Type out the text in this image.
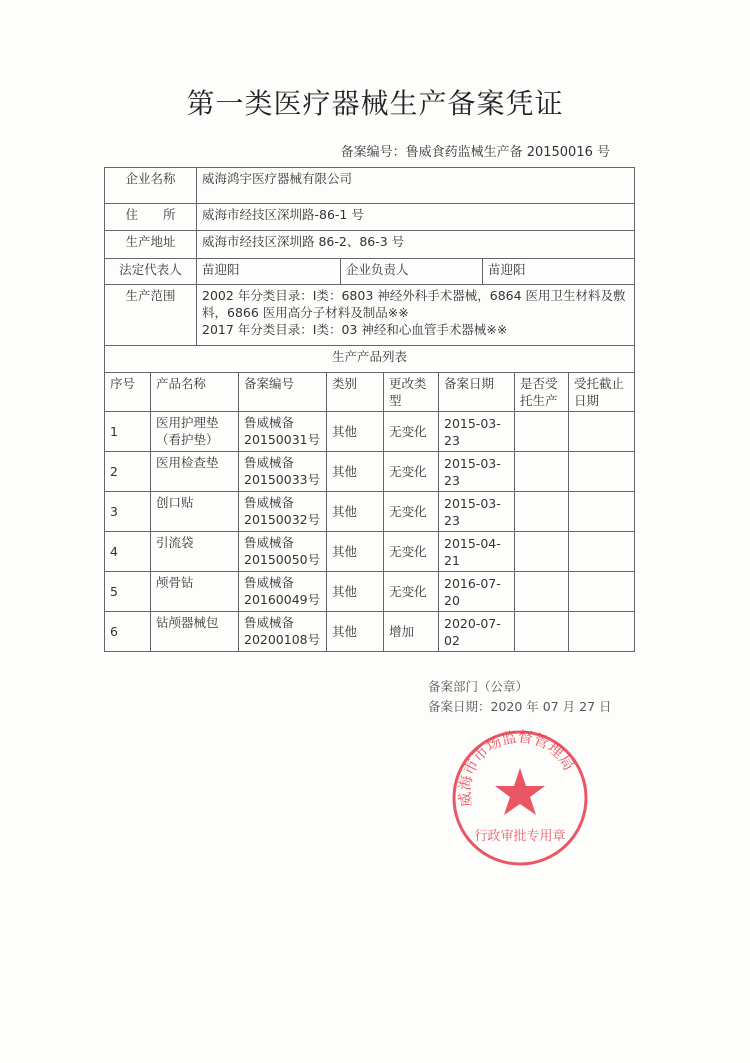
第一类医疗器械生产备案凭证
备案编号：鲁威食药监械生产备 20150016 号
企业名称	威海鸿宇医疗器械有限公司		
住　　所	威海市经技区深圳路-86-1 号		
生产地址	威海市经技区深圳路 86-2、86-3 号		
法定代表人	苗迎阳	企业负责人	苗迎阳
生产范围	2002 年分类目录：Ⅰ类：6803 神经外科手术器械，6864 医用卫生材料及敷料，6866 医用高分子材料及制品※※
2017 年分类目录：Ⅰ类：03 神经和心血管手术器械※※		

生产产品列表			
序号	产品名称	备案编号	类别	更改类型	备案日期	是否受托生产	受托截止日期
1	医用护理垫（看护垫）	鲁威械备20150031号	其他	无变化	2015-03-23		
2	医用检查垫	鲁威械备20150033号	其他	无变化	2015-03-23		
3	创口贴	鲁威械备20150032号	其他	无变化	2015-03-23		
4	引流袋	鲁威械备20150050号	其他	无变化	2015-04-21		
5	颅骨钻	鲁威械备20160049号	其他	无变化	2016-07-20		
6	钻颅器械包	鲁威械备20200108号	其他	增加	2020-07-02		
备案部门（公章）
备案日期：2020 年 07 月 27 日
威海市市场监督管理局
行政审批专用章
